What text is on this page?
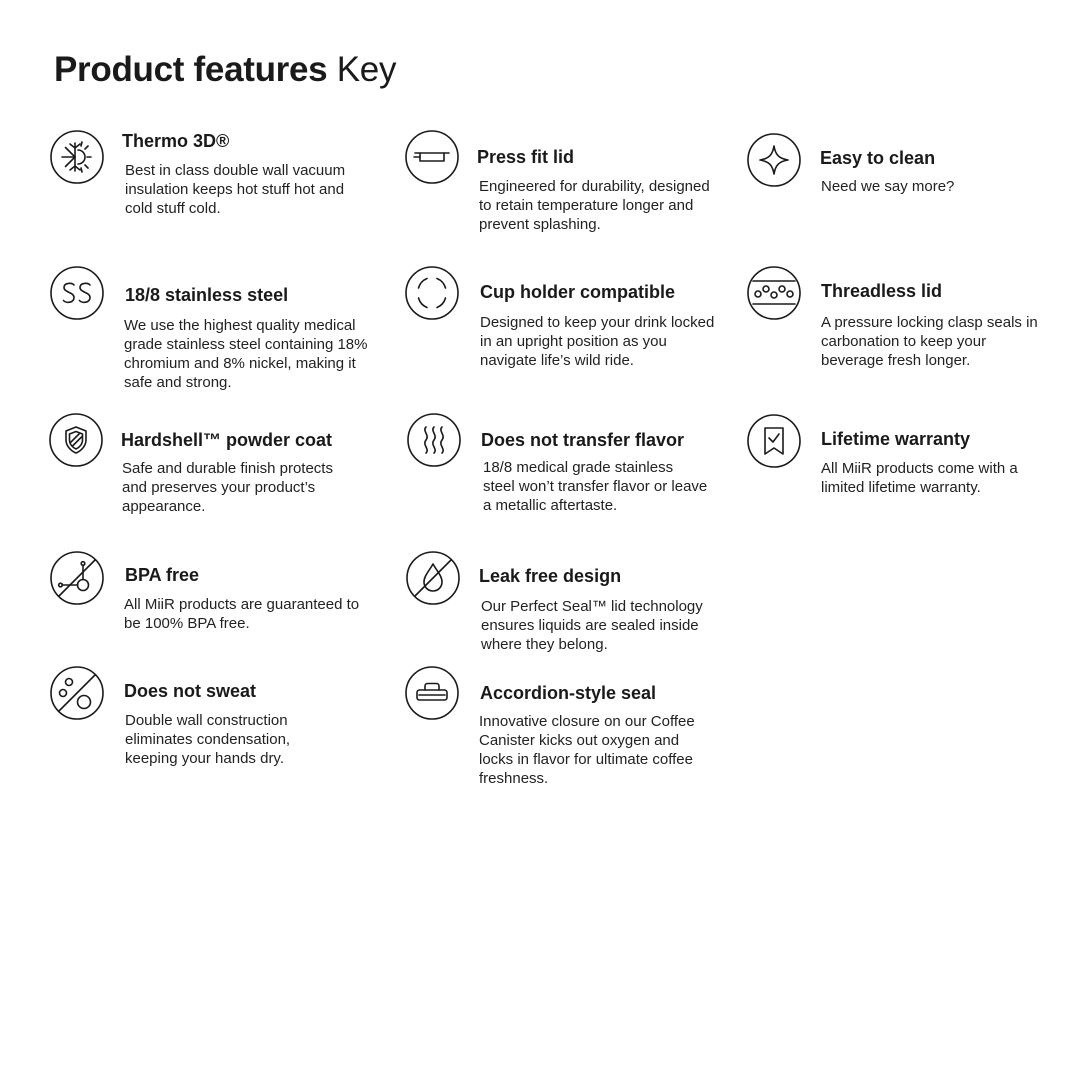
Product features Key
Thermo 3D®

Best in class double wall vacuum insulation keeps hot stuff hot and cold stuff cold.

18/8 stainless steel

We use the highest quality medical grade stainless steel containing 18% chromium and 8% nickel, making it safe and strong.

Hardshell™ powder coat

Safe and durable finish protects and preserves your product’s appearance.

BPA free

All MiiR products are guaranteed to be 100% BPA free.

Does not sweat

Double wall construction eliminates condensation, keeping your hands dry.

Press fit lid

Engineered for durability, designed to retain temperature longer and prevent splashing.

Cup holder compatible

Designed to keep your drink locked in an upright position as you navigate life’s wild ride.

Does not transfer flavor

18/8 medical grade stainless steel won’t transfer flavor or leave a metallic aftertaste.

Leak free design

Our Perfect Seal™ lid technology ensures liquids are sealed inside where they belong.

Accordion-style seal

Innovative closure on our Coffee Canister kicks out oxygen and locks in flavor for ultimate coffee freshness.

Easy to clean

Need we say more?

Threadless lid

A pressure locking clasp seals in carbonation to keep your beverage fresh longer.

Lifetime warranty

All MiiR products come with a limited lifetime warranty.
